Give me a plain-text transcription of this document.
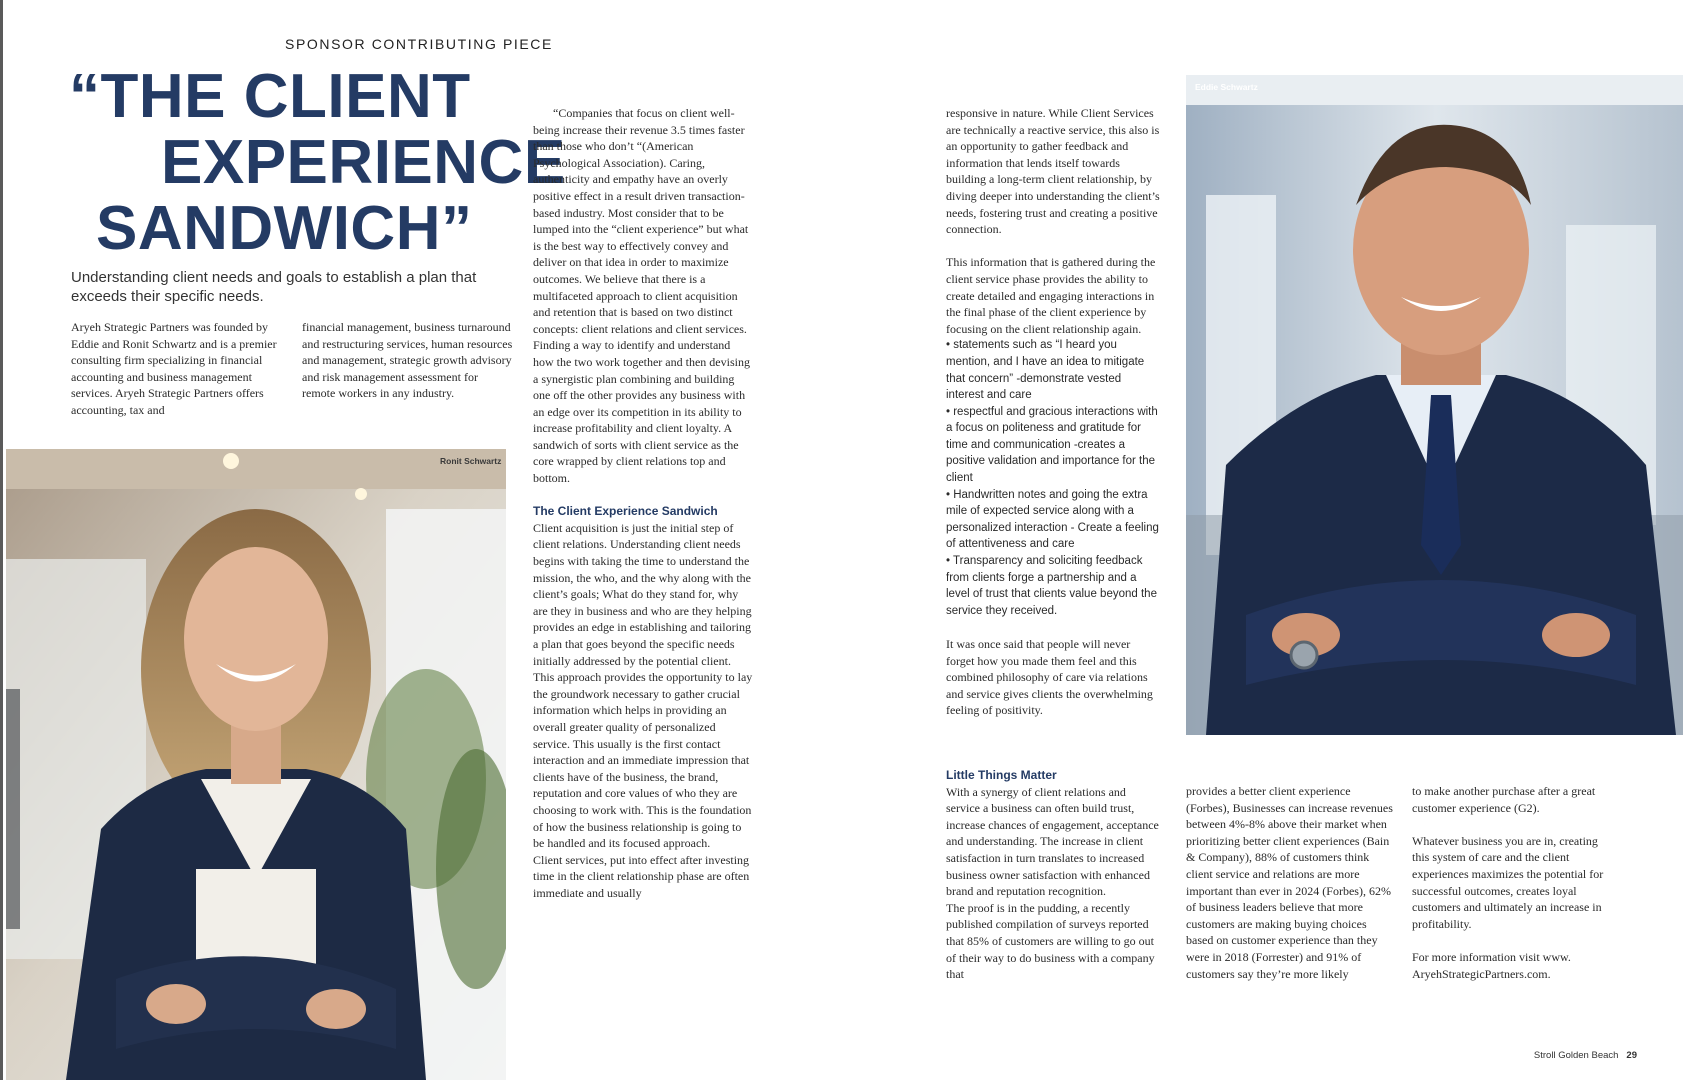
SPONSOR CONTRIBUTING PIECE
“THE CLIENT
EXPERIENCE
SANDWICH”
Understanding client needs and goals to establish a plan that exceeds their specific needs.
Aryeh Strategic Partners was founded by Eddie and Ronit Schwartz and is a premier consulting firm specializing in financial accounting and business management services. Aryeh Strategic Partners offers accounting, tax and
financial management, business turnaround and restructuring services, human resources and management, strategic growth advisory and risk management assessment for remote workers in any industry.
Ronit Schwartz

“Companies that focus on client well-being increase their revenue 3.5 times faster than those who don’t “(American Psychological Association). Caring, authenticity and empathy have an overly positive effect in a result driven transaction-based industry. Most consider that to be lumped into the “client experience” but what is the best way to effectively convey and deliver on that idea in order to maximize outcomes. We believe that there is a multifaceted approach to client acquisition and retention that is based on two distinct concepts: client relations and client services. Finding a way to identify and understand how the two work together and then devising a synergistic plan combining and building one off the other provides any business with an edge over its competition in its ability to increase profitability and client loyalty. A sandwich of sorts with client service as the core wrapped by client relations top and bottom.

The Client Experience Sandwich

Client acquisition is just the initial step of client relations. Understanding client needs begins with taking the time to understand the mission, the who, and the why along with the client’s goals; What do they stand for, why are they in business and who are they helping provides an edge in establishing and tailoring a plan that goes beyond the specific needs initially addressed by the potential client. This approach provides the opportunity to lay the groundwork necessary to gather crucial information which helps in providing an overall greater quality of personalized service. This usually is the first contact interaction and an immediate impression that clients have of the business, the brand, reputation and core values of who they are choosing to work with. This is the foundation of how the business relationship is going to be handled and its focused approach.

Client services, put into effect after investing time in the client relationship phase are often immediate and usually

responsive in nature. While Client Services are technically a reactive service, this also is an opportunity to gather feedback and information that lends itself towards building a long-term client relationship, by diving deeper into understanding the client’s needs, fostering trust and creating a positive connection.

This information that is gathered during the client service phase provides the ability to create detailed and engaging interactions in the final phase of the client experience by focusing on the client relationship again.

• statements such as “I heard you mention, and I have an idea to mitigate that concern” -demonstrate vested interest and care
• respectful and gracious interactions with a focus on politeness and gratitude for time and communication -creates a positive validation and importance for the client
• Handwritten notes and going the extra mile of expected service along with a personalized interaction - Create a feeling of attentiveness and care
• Transparency and soliciting feedback from clients forge a partnership and a level of trust that clients value beyond the service they received.

It was once said that people will never forget how you made them feel and this combined philosophy of care via relations and service gives clients the overwhelming feeling of positivity.

Little Things Matter

With a synergy of client relations and service a business can often build trust, increase chances of engagement, acceptance and understanding. The increase in client satisfaction in turn translates to increased business owner satisfaction with enhanced brand and reputation recognition.

The proof is in the pudding, a recently published compilation of surveys reported that 85% of customers are willing to go out of their way to do business with a company that

Eddie Schwartz

provides a better client experience (Forbes), Businesses can increase revenues between 4%-8% above their market when prioritizing better client experiences (Bain & Company), 88% of customers think client service and relations are more important than ever in 2024 (Forbes), 62% of business leaders believe that more customers are making buying choices based on customer experience than they were in 2018 (Forrester) and 91% of customers say they’re more likely

to make another purchase after a great customer experience (G2).

Whatever business you are in, creating this system of care and the client experiences maximizes the potential for successful outcomes, creates loyal customers and ultimately an increase in profitability.

For more information visit www. AryehStrategicPartners.com.

Stroll Golden Beach 29
